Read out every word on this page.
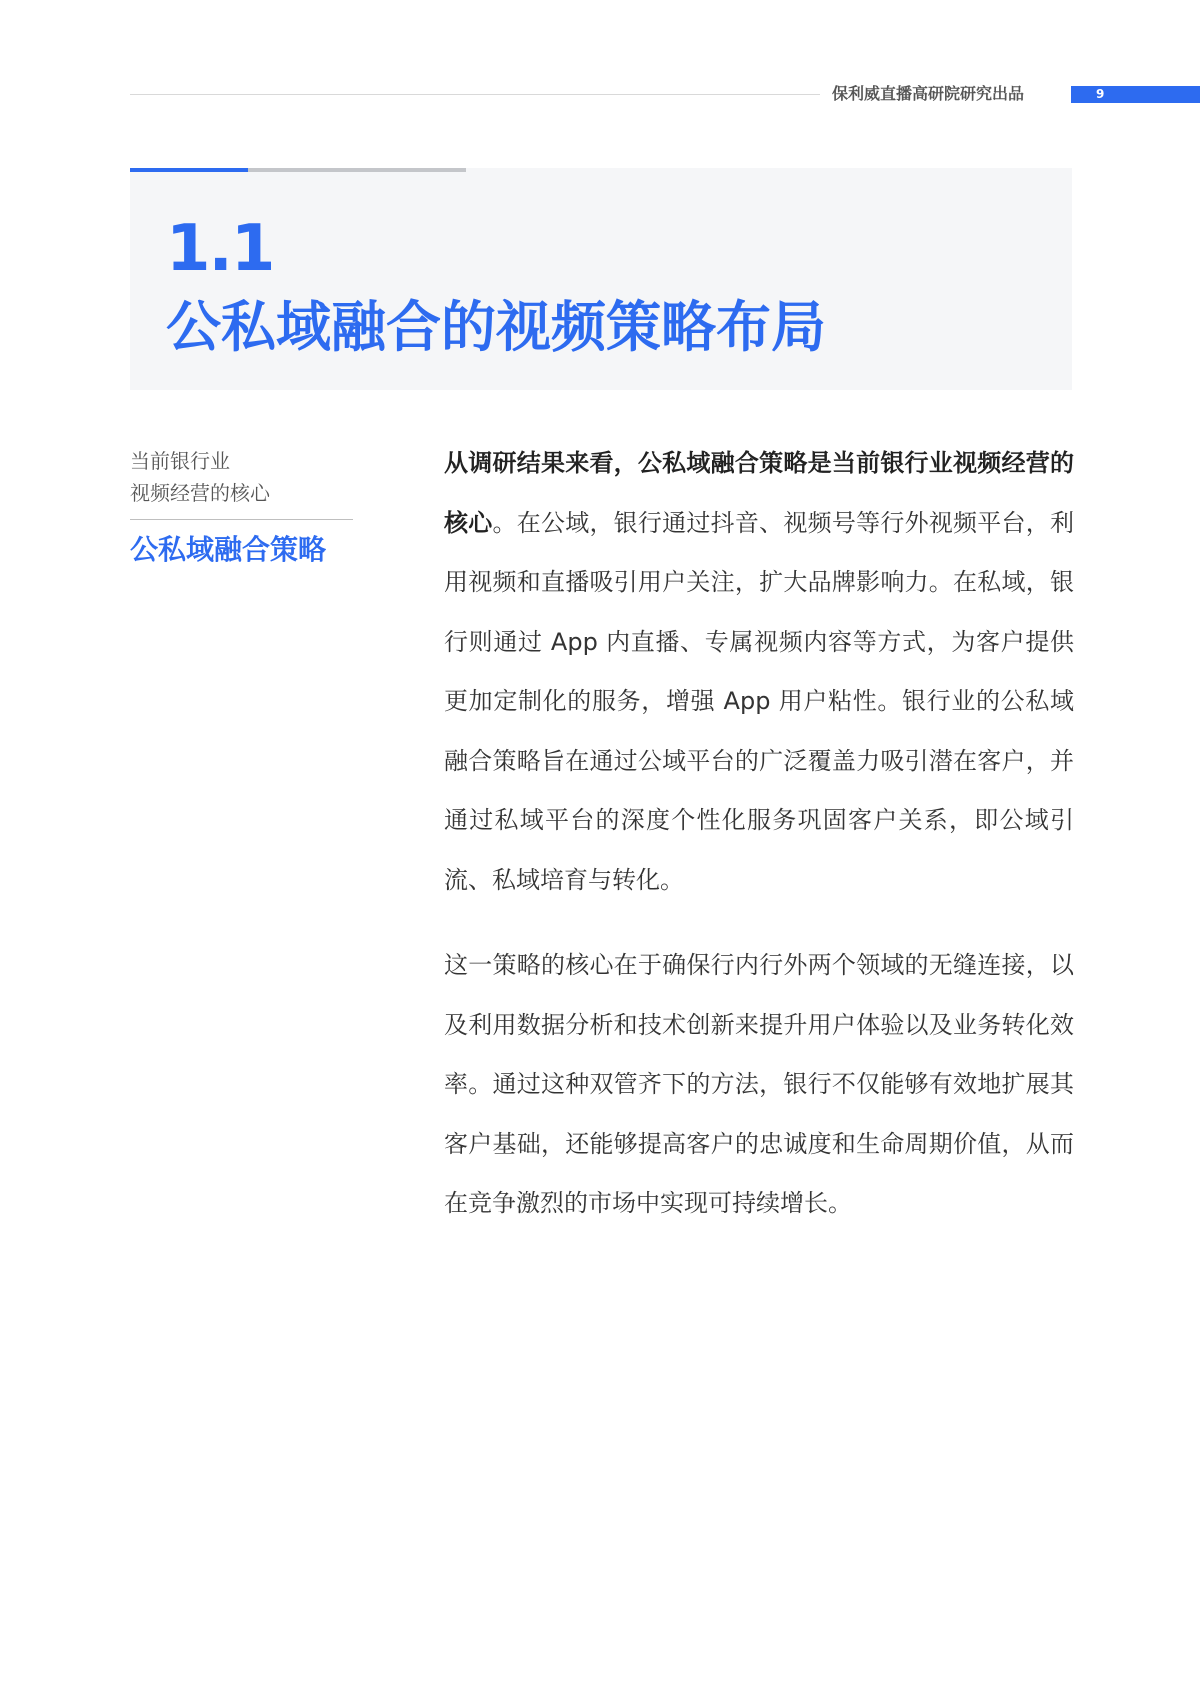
保利威直播高研院研究出品	9
1.1
公私域融合的视频策略布局

当前银行业
视频经营的核心

公私域融合策略

从调研结果来看，公私域融合策略是当前银行业视频经营的核心。在公域，银行通过抖音、视频号等行外视频平台，利用视频和直播吸引用户关注，扩大品牌影响力。在私域，银行则通过 App 内直播、专属视频内容等方式，为客户提供更加定制化的服务，增强 App 用户粘性。银行业的公私域融合策略旨在通过公域平台的广泛覆盖力吸引潜在客户，并通过私域平台的深度个性化服务巩固客户关系，即公域引流、私域培育与转化。

这一策略的核心在于确保行内行外两个领域的无缝连接，以及利用数据分析和技术创新来提升用户体验以及业务转化效率。通过这种双管齐下的方法，银行不仅能够有效地扩展其客户基础，还能够提高客户的忠诚度和生命周期价值，从而在竞争激烈的市场中实现可持续增长。
